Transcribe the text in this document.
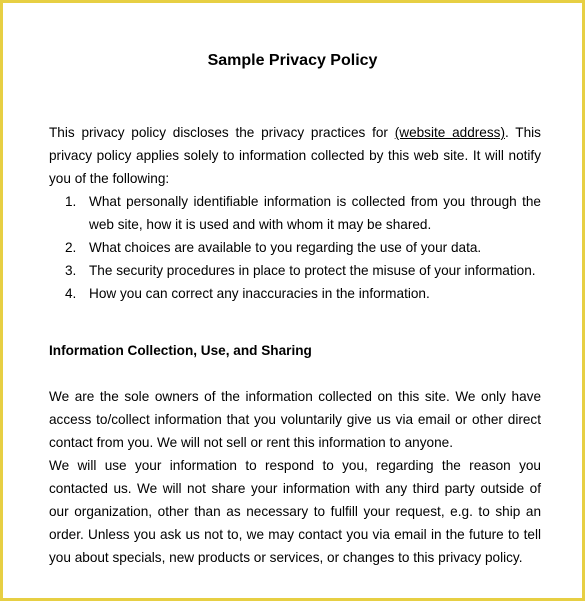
Sample Privacy Policy
This privacy policy discloses the privacy practices for (website address). This privacy policy applies solely to information collected by this web site. It will notify you of the following:
1. What personally identifiable information is collected from you through the web site, how it is used and with whom it may be shared.
2. What choices are available to you regarding the use of your data.
3. The security procedures in place to protect the misuse of your information.
4. How you can correct any inaccuracies in the information.
Information Collection, Use, and Sharing
We are the sole owners of the information collected on this site. We only have access to/collect information that you voluntarily give us via email or other direct contact from you. We will not sell or rent this information to anyone.
We will use your information to respond to you, regarding the reason you contacted us. We will not share your information with any third party outside of our organization, other than as necessary to fulfill your request, e.g. to ship an order. Unless you ask us not to, we may contact you via email in the future to tell you about specials, new products or services, or changes to this privacy policy.
